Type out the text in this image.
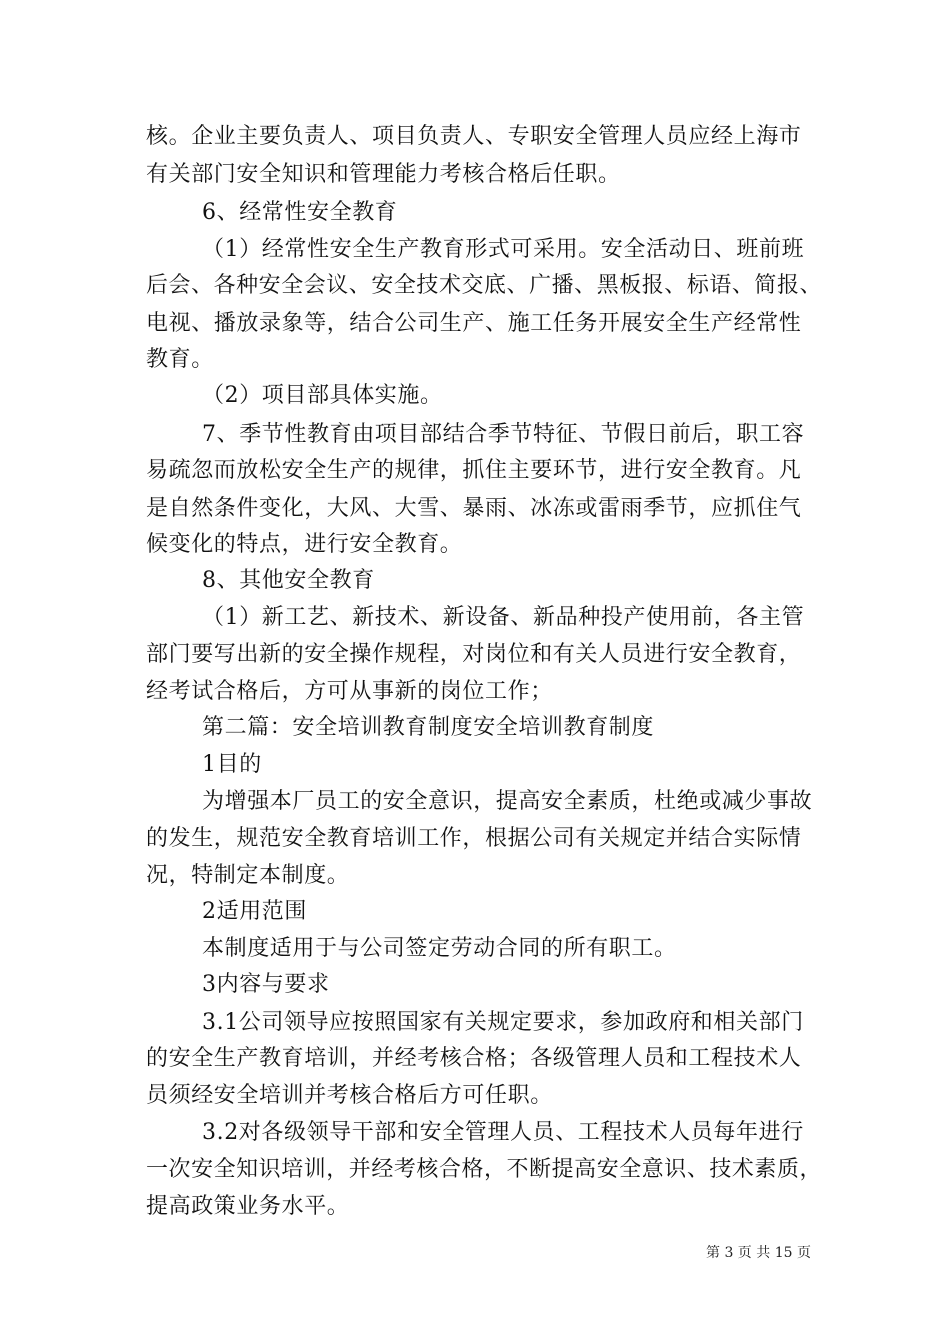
核。企业主要负责人、项目负责人、专职安全管理人员应经上海市
有关部门安全知识和管理能力考核合格后任职。
6、经常性安全教育
（1）经常性安全生产教育形式可采用。安全活动日、班前班
后会、各种安全会议、安全技术交底、广播、黑板报、标语、简报、
电视、播放录象等，结合公司生产、施工任务开展安全生产经常性
教育。
（2）项目部具体实施。
7、季节性教育由项目部结合季节特征、节假日前后，职工容
易疏忽而放松安全生产的规律，抓住主要环节，进行安全教育。凡
是自然条件变化，大风、大雪、暴雨、冰冻或雷雨季节，应抓住气
候变化的特点，进行安全教育。
8、其他安全教育
（1）新工艺、新技术、新设备、新品种投产使用前，各主管
部门要写出新的安全操作规程，对岗位和有关人员进行安全教育，
经考试合格后，方可从事新的岗位工作；
第二篇：安全培训教育制度安全培训教育制度
1目的
为增强本厂员工的安全意识，提高安全素质，杜绝或减少事故
的发生，规范安全教育培训工作，根据公司有关规定并结合实际情
况，特制定本制度。
2适用范围
本制度适用于与公司签定劳动合同的所有职工。
3内容与要求
3.1公司领导应按照国家有关规定要求，参加政府和相关部门
的安全生产教育培训，并经考核合格；各级管理人员和工程技术人
员须经安全培训并考核合格后方可任职。
3.2对各级领导干部和安全管理人员、工程技术人员每年进行
一次安全知识培训，并经考核合格，不断提高安全意识、技术素质，
提高政策业务水平。
第 3 页 共 15 页
